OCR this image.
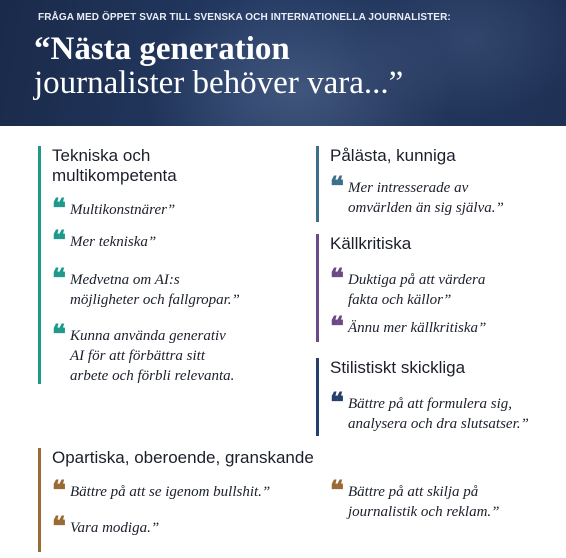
FRÅGA MED ÖPPET SVAR TILL SVENSKA OCH INTERNATIONELLA JOURNALISTER:
“Nästa generation
journalister behöver vara...”
Tekniska och
multikompetenta
❝ Multikonstnärer”
❝ Mer tekniska”
❝ Medvetna om AI:s
möjligheter och fallgropar.”
❝ Kunna använda generativ
AI för att förbättra sitt
arbete och förbli relevanta.
Pålästa, kunniga
❝ Mer intresserade av
omvärlden än sig själva.”
Källkritiska
❝ Duktiga på att värdera
fakta och källor”
❝ Ännu mer källkritiska”
Stilistiskt skickliga
❝ Bättre på att formulera sig,
analysera och dra slutsatser.”
Opartiska, oberoende, granskande
❝ Bättre på att se igenom bullshit.”
❝ Vara modiga.”
❝ Bättre på att skilja på
journalistik och reklam.”
